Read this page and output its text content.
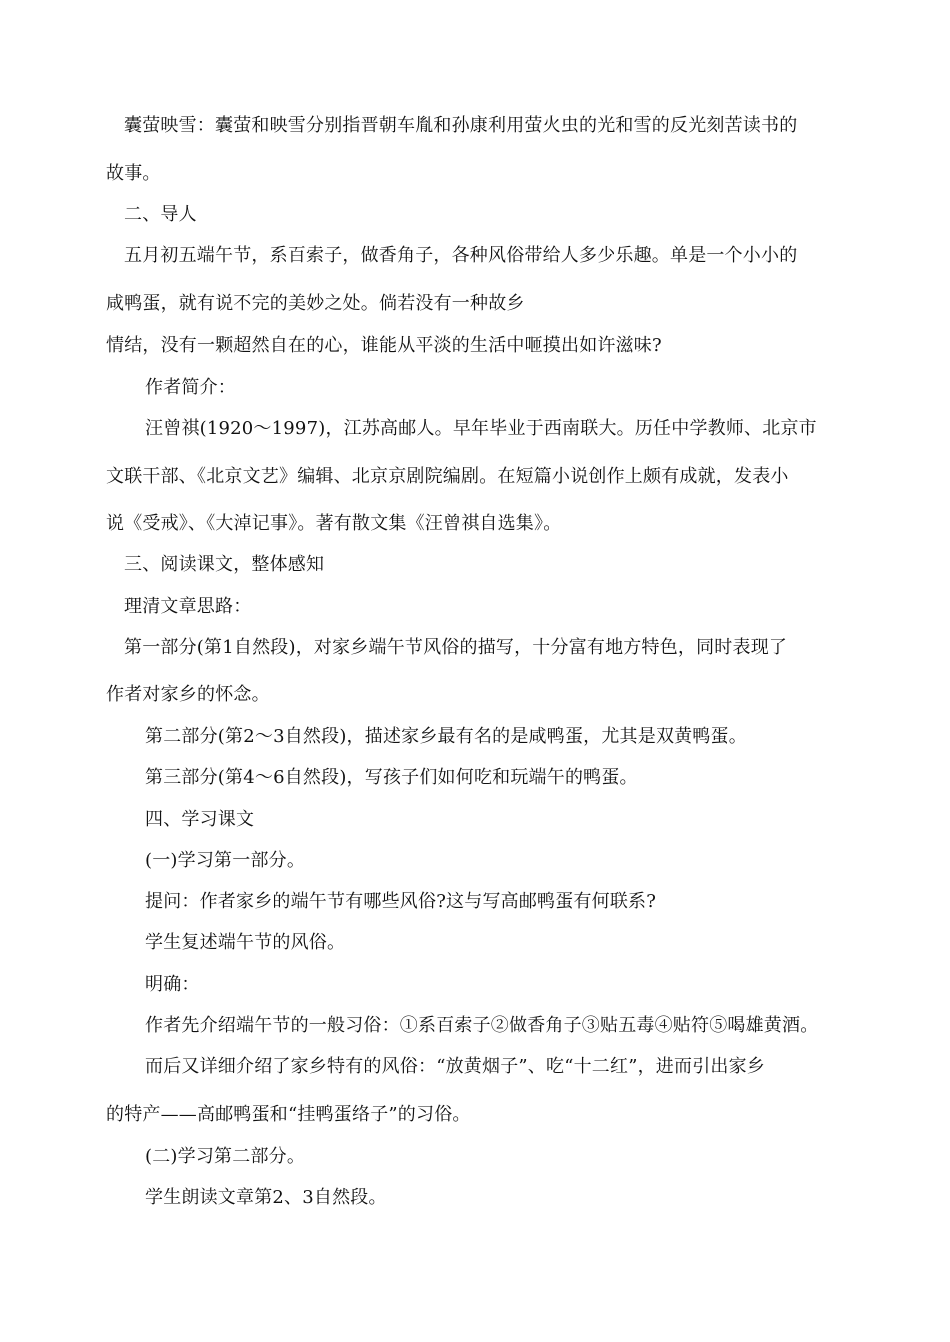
囊萤映雪：囊萤和映雪分别指晋朝车胤和孙康利用萤火虫的光和雪的反光刻苦读书的
故事。
二、导人
五月初五端午节，系百索子，做香角子，各种风俗带给人多少乐趣。单是一个小小的
咸鸭蛋，就有说不完的美妙之处。倘若没有一种故乡
情结，没有一颗超然自在的心，谁能从平淡的生活中咂摸出如许滋味?
作者简介：
汪曾祺(1920～1997)，江苏高邮人。早年毕业于西南联大。历任中学教师、北京市
文联干部、《北京文艺》编辑、北京京剧院编剧。在短篇小说创作上颇有成就，发表小
说《受戒》、《大淖记事》。著有散文集《汪曾祺自选集》。
三、阅读课文，整体感知
理清文章思路：
第一部分(第1自然段)，对家乡端午节风俗的描写，十分富有地方特色，同时表现了
作者对家乡的怀念。
第二部分(第2～3自然段)，描述家乡最有名的是咸鸭蛋，尤其是双黄鸭蛋。
第三部分(第4～6自然段)，写孩子们如何吃和玩端午的鸭蛋。
四、学习课文
(一)学习第一部分。
提问：作者家乡的端午节有哪些风俗?这与写高邮鸭蛋有何联系?
学生复述端午节的风俗。
明确：
作者先介绍端午节的一般习俗：①系百索子②做香角子③贴五毒④贴符⑤喝雄黄酒。
而后又详细介绍了家乡特有的风俗：“放黄烟子”、吃“十二红”，进而引出家乡
的特产——高邮鸭蛋和“挂鸭蛋络子”的习俗。
(二)学习第二部分。
学生朗读文章第2、3自然段。
